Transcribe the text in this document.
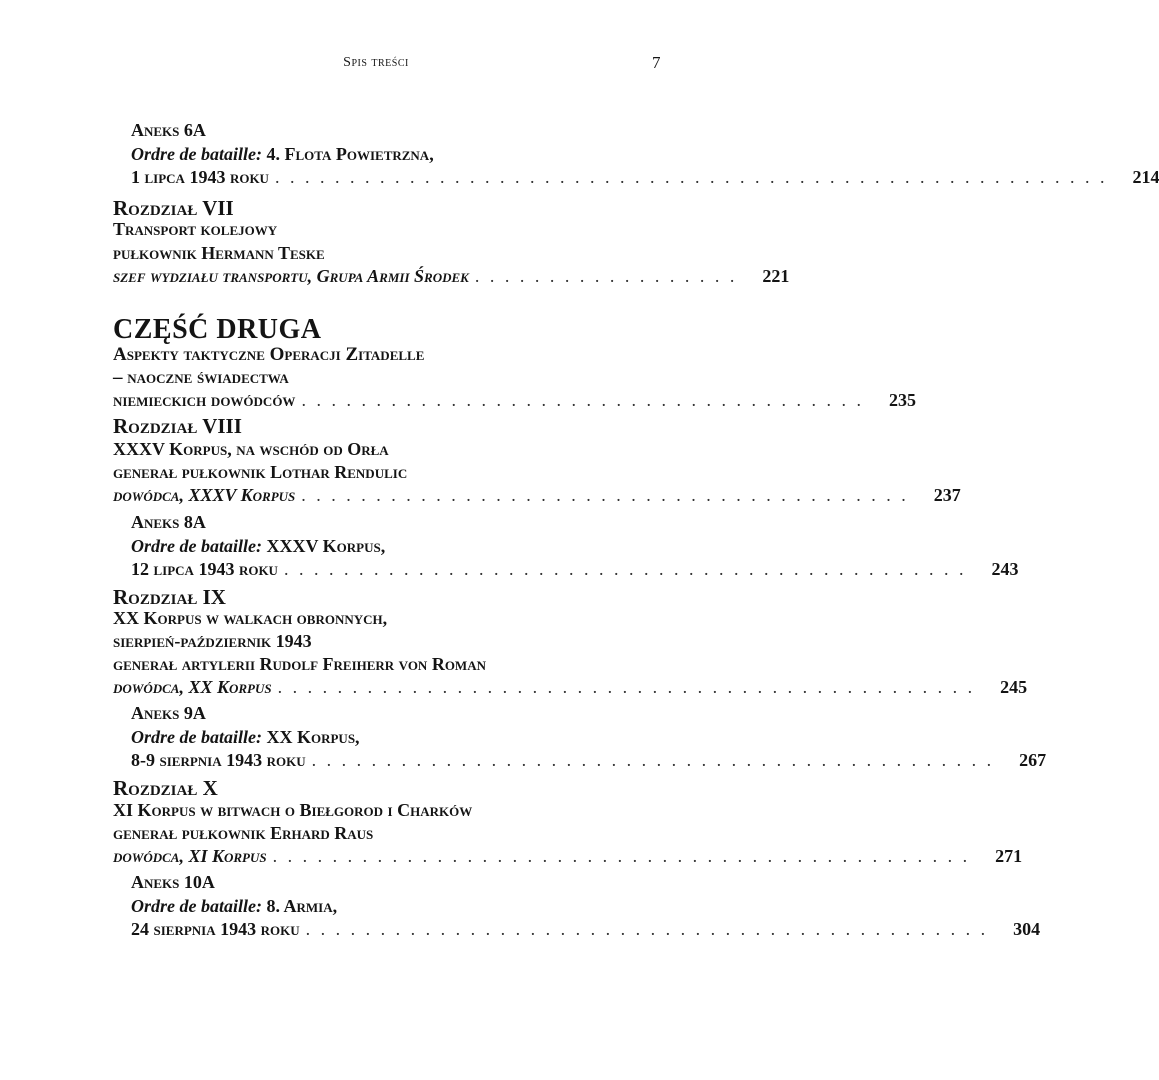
Spis treści	7
Aneks 6A
Ordre de bataille: 4. Flota Powietrzna,
1 lipca 1943 roku . . . . . . . . . . . . . . . . . . . . . . . . . . . . . . . . . . . . . . . . . . . . . . . . . . . . . . . .	214
Rozdział VII
Transport kolejowy
pułkownik Hermann Teske
szef wydziału transportu, Grupa Armii Środek . . . . . . . . . . . . . . . . . .	221
CZĘŚĆ DRUGA
Aspekty taktyczne Operacji Zitadelle
– naoczne świadectwa
niemieckich dowódców . . . . . . . . . . . . . . . . . . . . . . . . . . . . . . . . . . . . . .	235
Rozdział VIII
XXXV Korpus, na wschód od Orła
generał pułkownik Lothar Rendulic
dowódca, XXXV Korpus . . . . . . . . . . . . . . . . . . . . . . . . . . . . . . . . . . . . . . . . .	237
Aneks 8A
Ordre de bataille: XXXV Korpus,
12 lipca 1943 roku . . . . . . . . . . . . . . . . . . . . . . . . . . . . . . . . . . . . . . . . . . . . . .	243
Rozdział IX
XX Korpus w walkach obronnych,
sierpień-październik 1943
generał artylerii Rudolf Freiherr von Roman
dowódca, XX Korpus . . . . . . . . . . . . . . . . . . . . . . . . . . . . . . . . . . . . . . . . . . . . . . .	245
Aneks 9A
Ordre de bataille: XX Korpus,
8-9 sierpnia 1943 roku . . . . . . . . . . . . . . . . . . . . . . . . . . . . . . . . . . . . . . . . . . . . . .	267
Rozdział X
XI Korpus w bitwach o Biełgorod i Charków
generał pułkownik Erhard Raus
dowódca, XI Korpus . . . . . . . . . . . . . . . . . . . . . . . . . . . . . . . . . . . . . . . . . . . . . . .	271
Aneks 10A
Ordre de bataille: 8. Armia,
24 sierpnia 1943 roku . . . . . . . . . . . . . . . . . . . . . . . . . . . . . . . . . . . . . . . . . . . . . .	304
